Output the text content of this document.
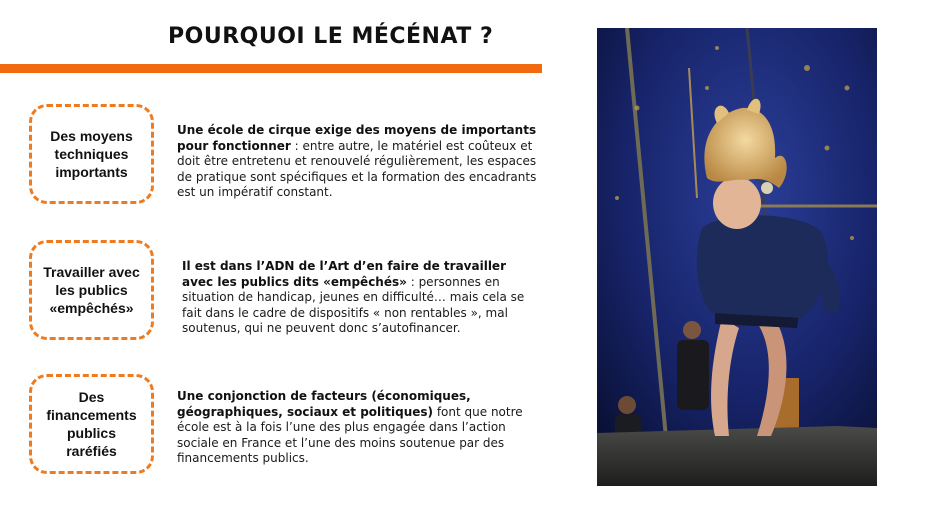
POURQUOI LE MÉCÉNAT ?
Des moyens techniques importants
Une école de cirque exige des moyens de importants pour fonctionner : entre autre, le matériel est coûteux et doit être entretenu et renouvelé régulièrement, les espaces de pratique sont spécifiques et la formation des encadrants est un impératif constant.
Travailler avec les publics «empêchés»
Il est dans l’ADN de l’Art d’en faire de travailler avec les publics dits «empêchés» : personnes en situation de handicap, jeunes en difficulté… mais cela se fait dans le cadre de dispositifs « non rentables », mal soutenus, qui ne peuvent donc s’autofinancer.
Des financements publics raréfiés
Une conjonction de facteurs (économiques, géographiques, sociaux et politiques) font que notre école est à la fois l’une des plus engagée dans l’action sociale en France et l’une des moins soutenue par des financements publics.
